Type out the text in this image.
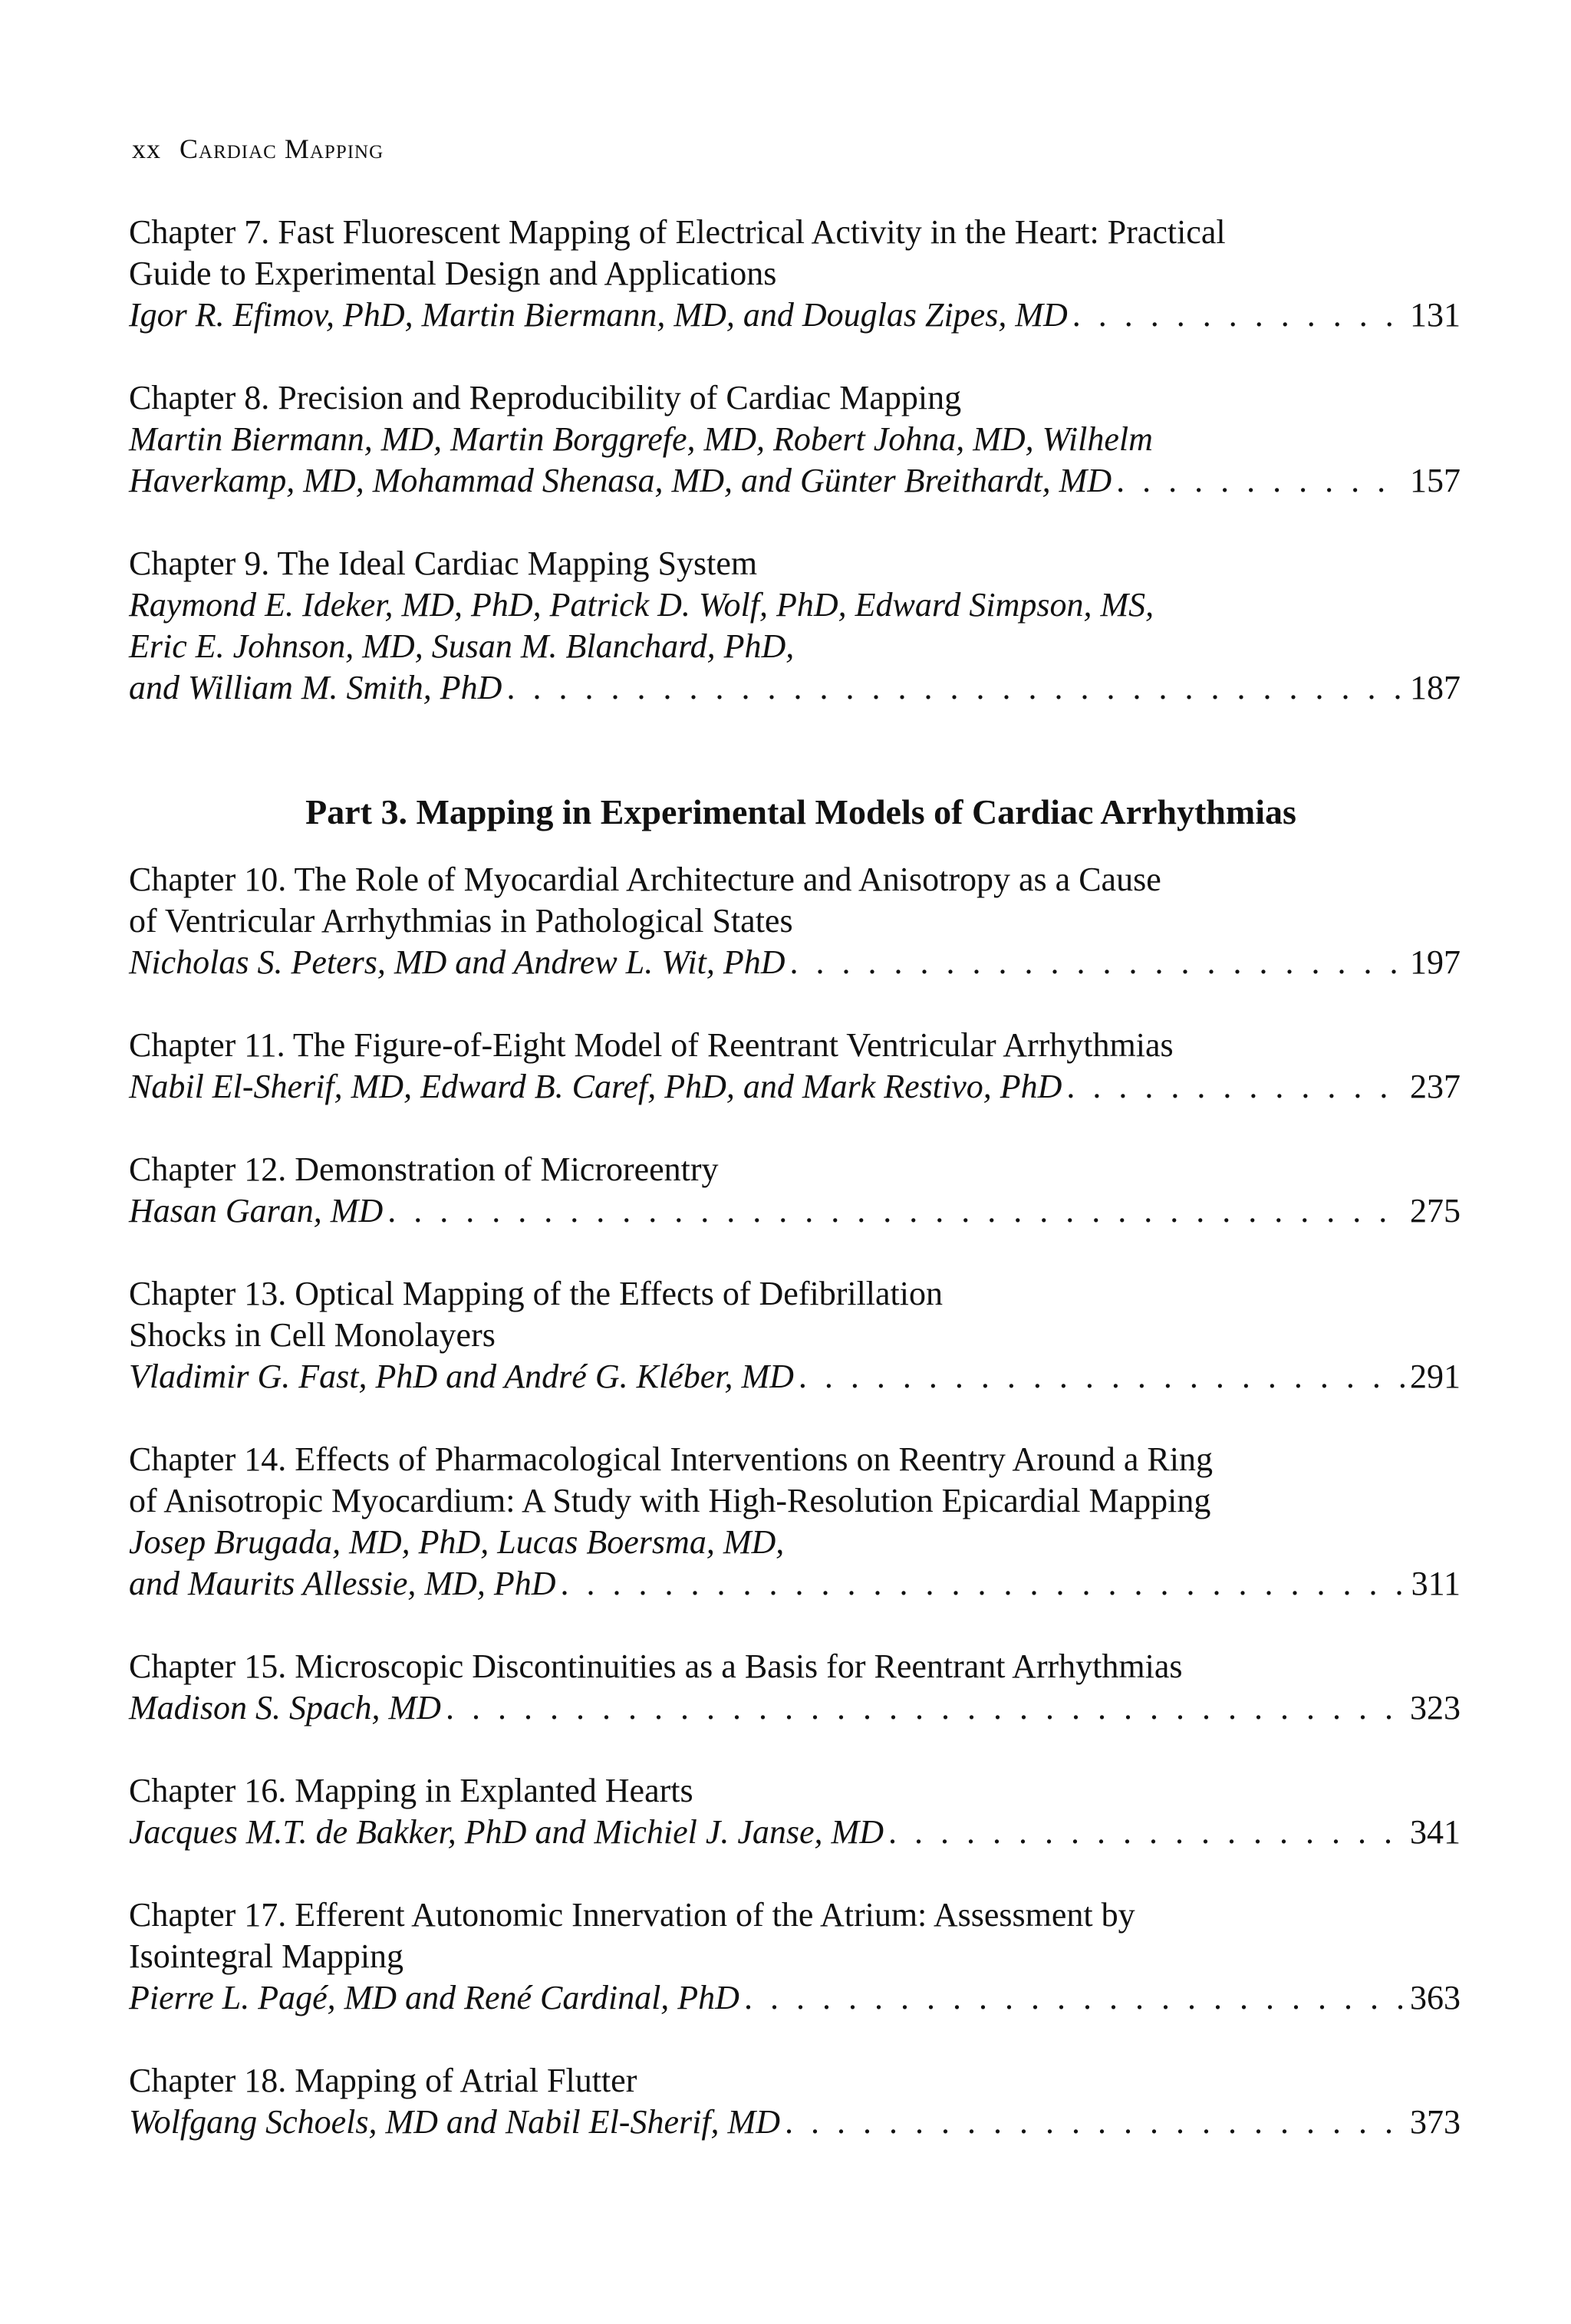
xx Cardiac Mapping
Part 3. Mapping in Experimental Models of Cardiac Arrhythmias
Chapter 7. Fast Fluorescent Mapping of Electrical Activity in the Heart: Practical
Guide to Experimental Design and Applications
Igor R. Efimov, PhD, Martin Biermann, MD, and Douglas Zipes, MD . . .	131
Chapter 8. Precision and Reproducibility of Cardiac Mapping
Martin Biermann, MD, Martin Borggrefe, MD, Robert Johna, MD, Wilhelm
Haverkamp, MD, Mohammad Shenasa, MD, and Günter Breithardt, MD . . .	157
Chapter 9. The Ideal Cardiac Mapping System
Raymond E. Ideker, MD, PhD, Patrick D. Wolf, PhD, Edward Simpson, MS,
Eric E. Johnson, MD, Susan M. Blanchard, PhD,
and William M. Smith, PhD . . .	187
Chapter 10. The Role of Myocardial Architecture and Anisotropy as a Cause
of Ventricular Arrhythmias in Pathological States
Nicholas S. Peters, MD and Andrew L. Wit, PhD . . .	197
Chapter 11. The Figure-of-Eight Model of Reentrant Ventricular Arrhythmias
Nabil El-Sherif, MD, Edward B. Caref, PhD, and Mark Restivo, PhD . . .	237
Chapter 12. Demonstration of Microreentry
Hasan Garan, MD . . .	275
Chapter 13. Optical Mapping of the Effects of Defibrillation
Shocks in Cell Monolayers
Vladimir G. Fast, PhD and André G. Kléber, MD . . .	291
Chapter 14. Effects of Pharmacological Interventions on Reentry Around a Ring
of Anisotropic Myocardium: A Study with High-Resolution Epicardial Mapping
Josep Brugada, MD, PhD, Lucas Boersma, MD,
and Maurits Allessie, MD, PhD . . .	311
Chapter 15. Microscopic Discontinuities as a Basis for Reentrant Arrhythmias
Madison S. Spach, MD . . .	323
Chapter 16. Mapping in Explanted Hearts
Jacques M.T. de Bakker, PhD and Michiel J. Janse, MD . . .	341
Chapter 17. Efferent Autonomic Innervation of the Atrium: Assessment by
Isointegral Mapping
Pierre L. Pagé, MD and René Cardinal, PhD . . .	363
Chapter 18. Mapping of Atrial Flutter
Wolfgang Schoels, MD and Nabil El-Sherif, MD . . .	373
